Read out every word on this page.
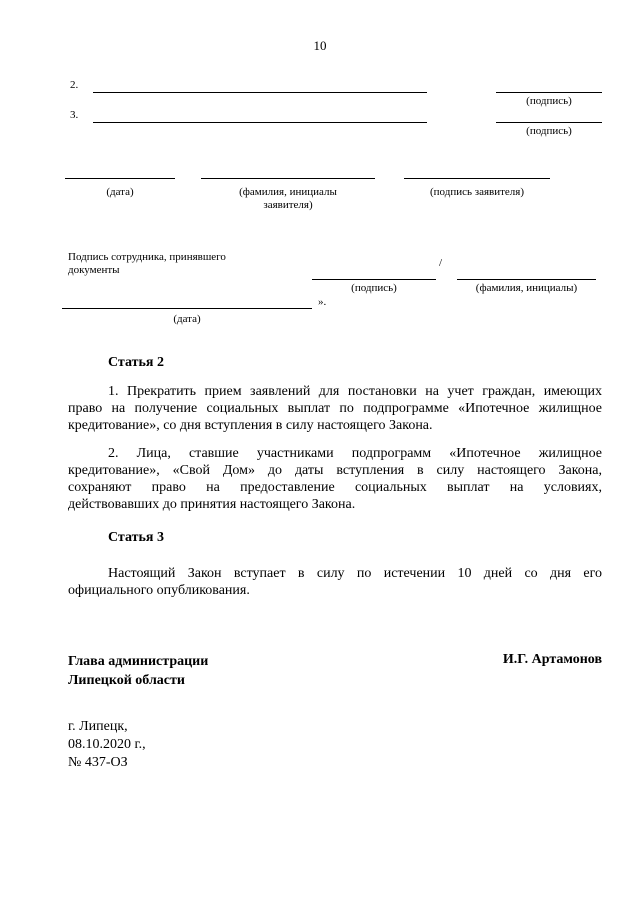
10
2.
(подпись)
3.
(подпись)
(дата)	(фамилия, инициалы
заявителя)
(подпись заявителя)
Подпись сотрудника, принявшего
документы
/
(подпись)	(фамилия, инициалы)
».
(дата)
Статья 2
1. Прекратить прием заявлений для постановки на учет граждан, имеющих
право на получение социальных выплат по подпрограмме «Ипотечное жилищное
кредитование», со дня вступления в силу настоящего Закона.
2. Лица, ставшие участниками подпрограмм «Ипотечное жилищное
кредитование», «Свой Дом» до даты вступления в силу настоящего Закона,
сохраняют право на предоставление социальных выплат на условиях,
действовавших до принятия настоящего Закона.
Статья 3
Настоящий Закон вступает в силу по истечении 10 дней со дня его
официального опубликования.
Глава администрации
Липецкой области
И.Г. Артамонов
г. Липецк,
08.10.2020 г.,
№ 437-ОЗ
